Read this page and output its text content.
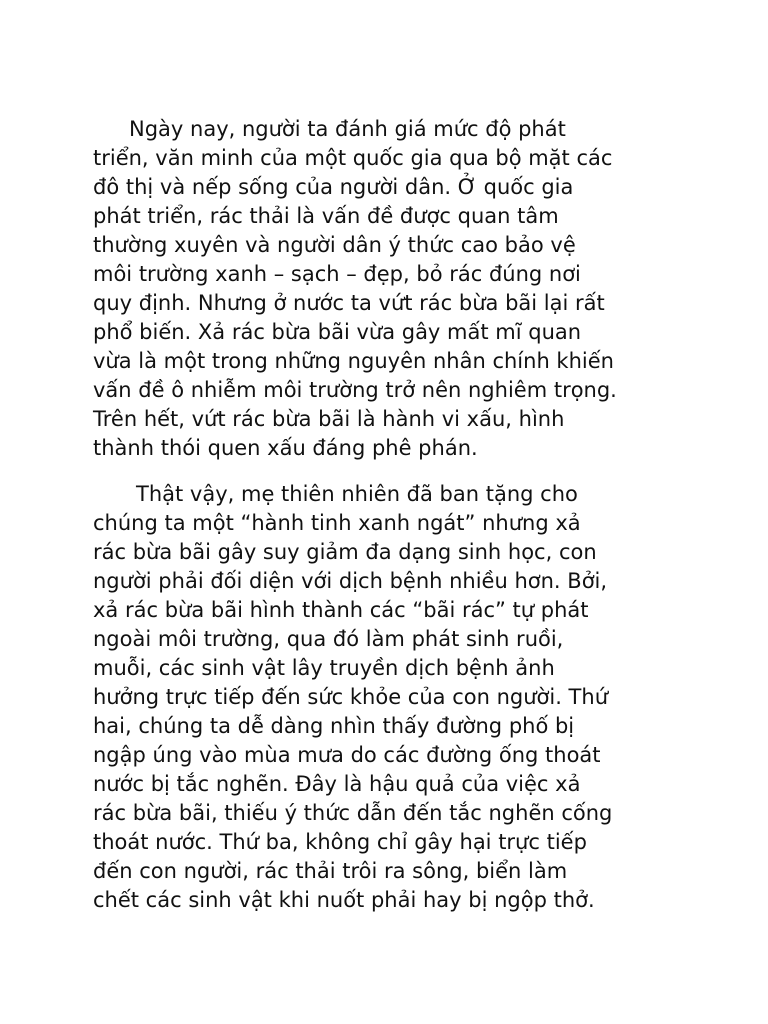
Ngày nay, người ta đánh giá mức độ phát
triển, văn minh của một quốc gia qua bộ mặt các
đô thị và nếp sống của người dân. Ở quốc gia
phát triển, rác thải là vấn đề được quan tâm
thường xuyên và người dân ý thức cao bảo vệ
môi trường xanh – sạch – đẹp, bỏ rác đúng nơi
quy định. Nhưng ở nước ta vứt rác bừa bãi lại rất
phổ biến. Xả rác bừa bãi vừa gây mất mĩ quan
vừa là một trong những nguyên nhân chính khiến
vấn đề ô nhiễm môi trường trở nên nghiêm trọng.
Trên hết, vứt rác bừa bãi là hành vi xấu, hình
thành thói quen xấu đáng phê phán.
Thật vậy, mẹ thiên nhiên đã ban tặng cho
chúng ta một “hành tinh xanh ngát” nhưng xả
rác bừa bãi gây suy giảm đa dạng sinh học, con
người phải đối diện với dịch bệnh nhiều hơn. Bởi,
xả rác bừa bãi hình thành các “bãi rác” tự phát
ngoài môi trường, qua đó làm phát sinh ruồi,
muỗi, các sinh vật lây truyền dịch bệnh ảnh
hưởng trực tiếp đến sức khỏe của con người. Thứ
hai, chúng ta dễ dàng nhìn thấy đường phố bị
ngập úng vào mùa mưa do các đường ống thoát
nước bị tắc nghẽn. Đây là hậu quả của việc xả
rác bừa bãi, thiếu ý thức dẫn đến tắc nghẽn cống
thoát nước. Thứ ba, không chỉ gây hại trực tiếp
đến con người, rác thải trôi ra sông, biển làm
chết các sinh vật khi nuốt phải hay bị ngộp thở.
